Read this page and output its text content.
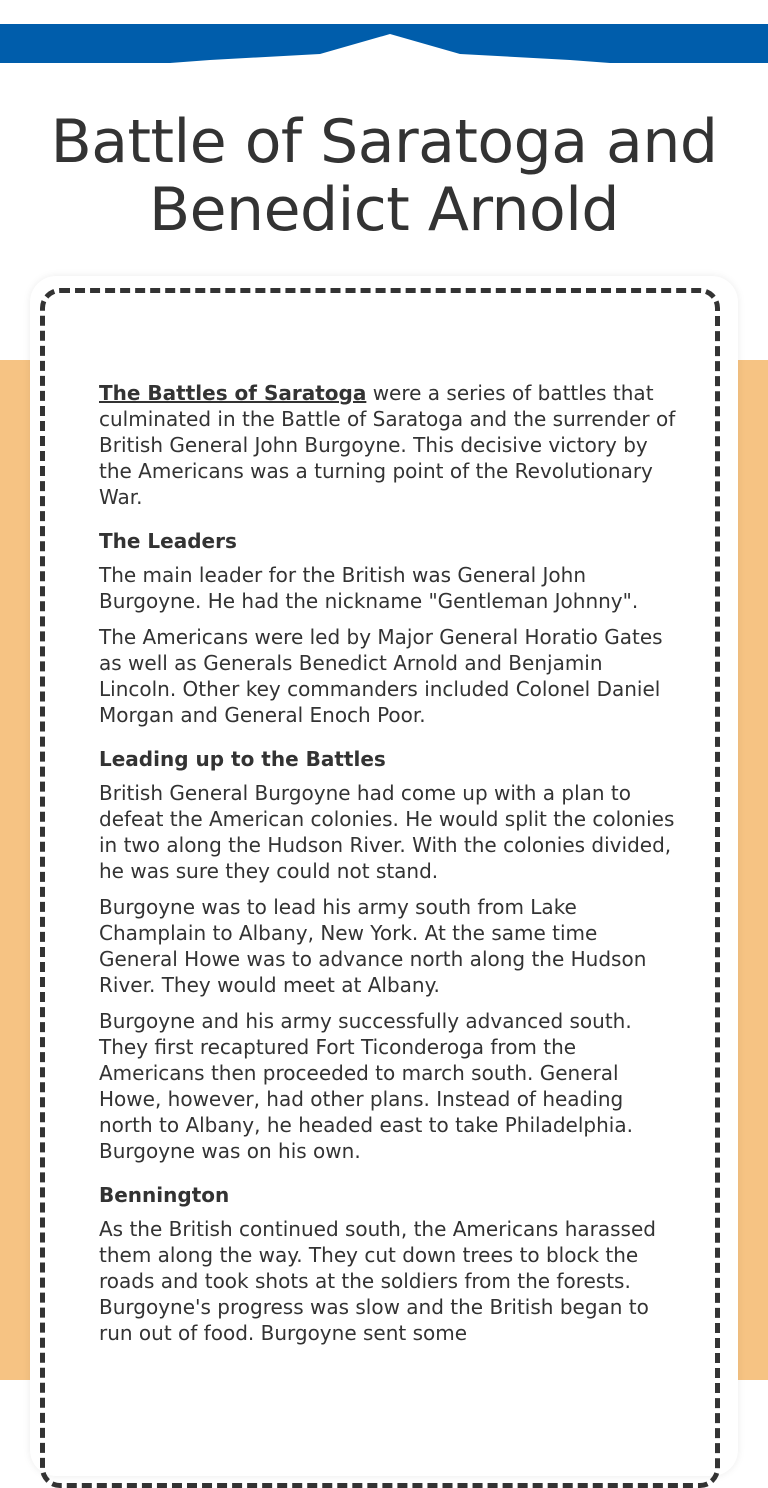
Battle of Saratoga and Benedict Arnold

The Battles of Saratoga were a series of battles that culminated in the Battle of Saratoga and the surrender of British General John Burgoyne. This decisive victory by the Americans was a turning point of the Revolutionary War.

The Leaders

The main leader for the British was General John Burgoyne. He had the nickname "Gentleman Johnny".

The Americans were led by Major General Horatio Gates as well as Generals Benedict Arnold and Benjamin Lincoln. Other key commanders included Colonel Daniel Morgan and General Enoch Poor.

Leading up to the Battles

British General Burgoyne had come up with a plan to defeat the American colonies. He would split the colonies in two along the Hudson River. With the colonies divided, he was sure they could not stand.

Burgoyne was to lead his army south from Lake Champlain to Albany, New York. At the same time General Howe was to advance north along the Hudson River. They would meet at Albany.

Burgoyne and his army successfully advanced south. They first recaptured Fort Ticonderoga from the Americans then proceeded to march south. General Howe, however, had other plans. Instead of heading north to Albany, he headed east to take Philadelphia. Burgoyne was on his own.

Bennington

As the British continued south, the Americans harassed them along the way. They cut down trees to block the roads and took shots at the soldiers from the forests. Burgoyne's progress was slow and the British began to run out of food. Burgoyne sent some
